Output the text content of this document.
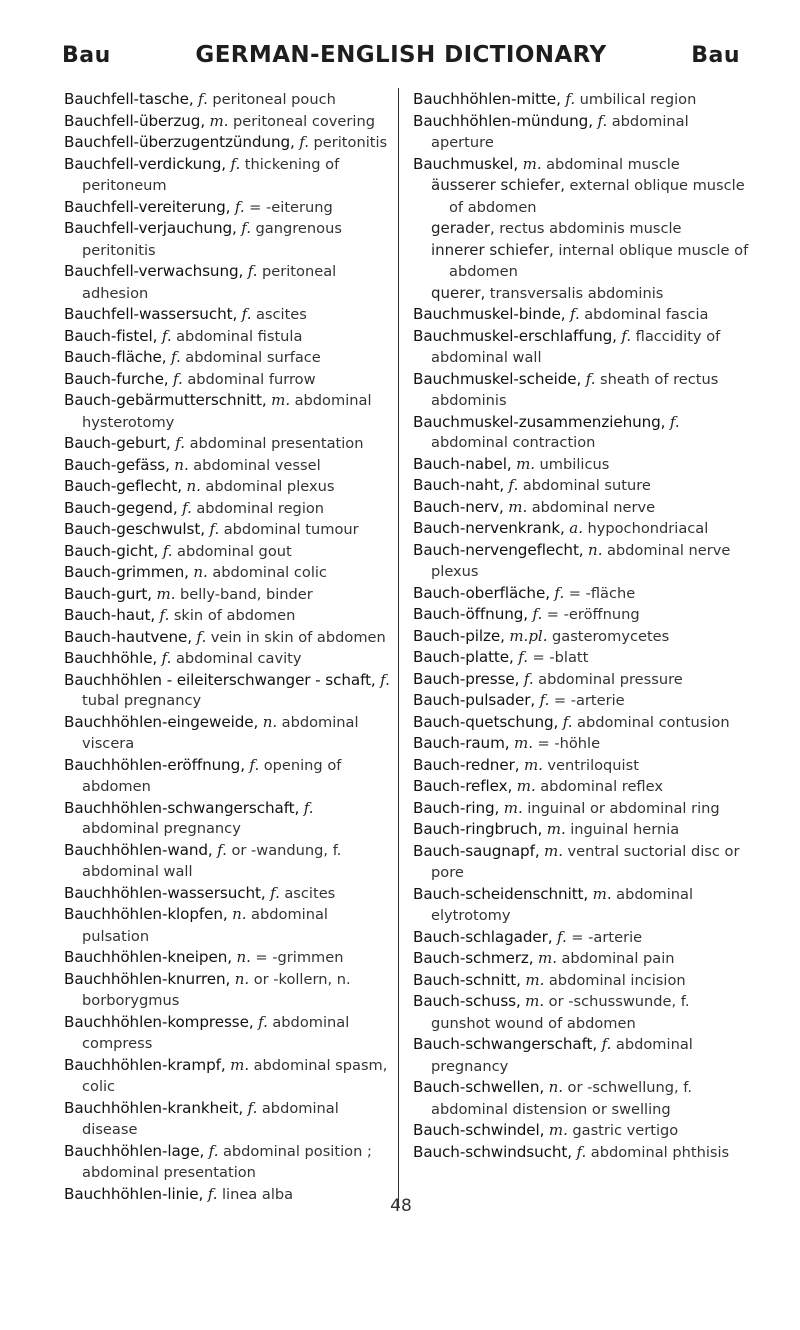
Bau	GERMAN-ENGLISH DICTIONARY	Bau

Bauchfell-tasche, f. peritoneal pouch

Bauchfell-überzug, m. peritoneal covering

Bauchfell-überzugentzündung, f. peritonitis

Bauchfell-verdickung, f. thickening of peritoneum

Bauchfell-vereiterung, f. = -eiterung

Bauchfell-verjauchung, f. gangrenous peritonitis

Bauchfell-verwachsung, f. peritoneal adhesion

Bauchfell-wassersucht, f. ascites

Bauch-fistel, f. abdominal fistula

Bauch-fläche, f. abdominal surface

Bauch-furche, f. abdominal furrow

Bauch-gebärmutterschnitt, m. abdominal hysterotomy

Bauch-geburt, f. abdominal presentation

Bauch-gefäss, n. abdominal vessel

Bauch-geflecht, n. abdominal plexus

Bauch-gegend, f. abdominal region

Bauch-geschwulst, f. abdominal tumour

Bauch-gicht, f. abdominal gout

Bauch-grimmen, n. abdominal colic

Bauch-gurt, m. belly-band, binder

Bauch-haut, f. skin of abdomen

Bauch-hautvene, f. vein in skin of abdomen

Bauchhöhle, f. abdominal cavity

Bauchhöhlen - eileiterschwanger - schaft, f. tubal pregnancy

Bauchhöhlen-eingeweide, n. abdominal viscera

Bauchhöhlen-eröffnung, f. opening of abdomen

Bauchhöhlen-schwangerschaft, f. abdominal pregnancy

Bauchhöhlen-wand, f. or -wandung, f. abdominal wall

Bauchhöhlen-wassersucht, f. ascites

Bauchhöhlen-klopfen, n. abdominal pulsation

Bauchhöhlen-kneipen, n. = -grimmen

Bauchhöhlen-knurren, n. or -kollern, n. borborygmus

Bauchhöhlen-kompresse, f. abdominal compress

Bauchhöhlen-krampf, m. abdominal spasm, colic

Bauchhöhlen-krankheit, f. abdominal disease

Bauchhöhlen-lage, f. abdominal position ; abdominal presentation

Bauchhöhlen-linie, f. linea alba

Bauchhöhlen-mitte, f. umbilical region

Bauchhöhlen-mündung, f. abdominal aperture

Bauchmuskel, m. abdominal muscle

äusserer schiefer, external oblique muscle of abdomen

gerader, rectus abdominis muscle

innerer schiefer, internal oblique muscle of abdomen

querer, transversalis abdominis

Bauchmuskel-binde, f. abdominal fascia

Bauchmuskel-erschlaffung, f. flaccidity of abdominal wall

Bauchmuskel-scheide, f. sheath of rectus abdominis

Bauchmuskel-zusammenziehung, f. abdominal contraction

Bauch-nabel, m. umbilicus

Bauch-naht, f. abdominal suture

Bauch-nerv, m. abdominal nerve

Bauch-nervenkrank, a. hypochondriacal

Bauch-nervengeflecht, n. abdominal nerve plexus

Bauch-oberfläche, f. = -fläche

Bauch-öffnung, f. = -eröffnung

Bauch-pilze, m.pl. gasteromycetes

Bauch-platte, f. = -blatt

Bauch-presse, f. abdominal pressure

Bauch-pulsader, f. = -arterie

Bauch-quetschung, f. abdominal contusion

Bauch-raum, m. = -höhle

Bauch-redner, m. ventriloquist

Bauch-reflex, m. abdominal reflex

Bauch-ring, m. inguinal or abdominal ring

Bauch-ringbruch, m. inguinal hernia

Bauch-saugnapf, m. ventral suctorial disc or pore

Bauch-scheidenschnitt, m. abdominal elytrotomy

Bauch-schlagader, f. = -arterie

Bauch-schmerz, m. abdominal pain

Bauch-schnitt, m. abdominal incision

Bauch-schuss, m. or -schusswunde, f. gunshot wound of abdomen

Bauch-schwangerschaft, f. abdominal pregnancy

Bauch-schwellen, n. or -schwellung, f. abdominal distension or swelling

Bauch-schwindel, m. gastric vertigo

Bauch-schwindsucht, f. abdominal phthisis

48
